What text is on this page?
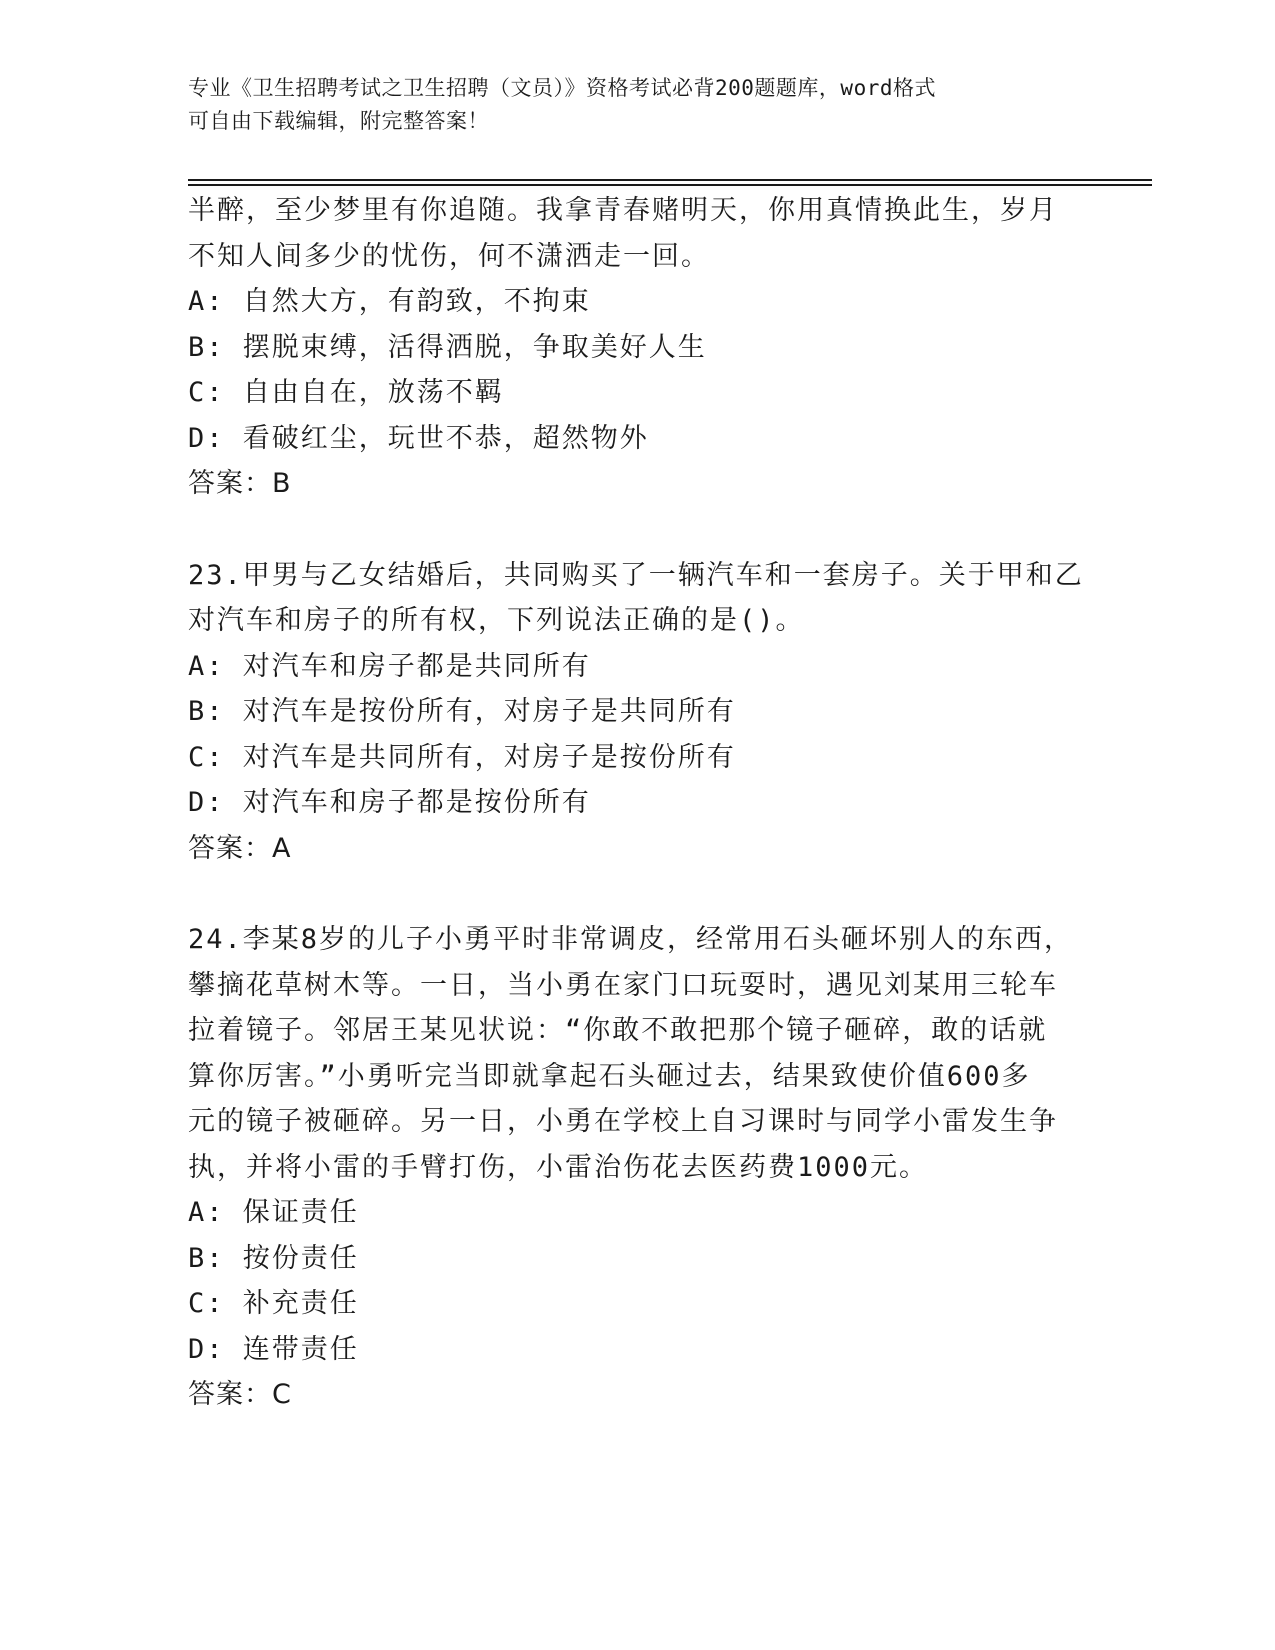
专业《卫生招聘考试之卫生招聘（文员）》资格考试必背200题题库，word格式
可自由下载编辑，附完整答案！
半醉，至少梦里有你追随。我拿青春赌明天，你用真情换此生，岁月
不知人间多少的忧伤，何不潇洒走一回。
A: 自然大方，有韵致，不拘束
B: 摆脱束缚，活得洒脱，争取美好人生
C: 自由自在，放荡不羁
D: 看破红尘，玩世不恭，超然物外
答案：B
23.甲男与乙女结婚后，共同购买了一辆汽车和一套房子。关于甲和乙
对汽车和房子的所有权，下列说法正确的是()。
A: 对汽车和房子都是共同所有
B: 对汽车是按份所有，对房子是共同所有
C: 对汽车是共同所有，对房子是按份所有
D: 对汽车和房子都是按份所有
答案：A
24.李某8岁的儿子小勇平时非常调皮，经常用石头砸坏别人的东西，
攀摘花草树木等。一日，当小勇在家门口玩耍时，遇见刘某用三轮车
拉着镜子。邻居王某见状说：“你敢不敢把那个镜子砸碎，敢的话就
算你厉害。”小勇听完当即就拿起石头砸过去，结果致使价值600多
元的镜子被砸碎。另一日，小勇在学校上自习课时与同学小雷发生争
执，并将小雷的手臂打伤，小雷治伤花去医药费1000元。
A: 保证责任
B: 按份责任
C: 补充责任
D: 连带责任
答案：C
